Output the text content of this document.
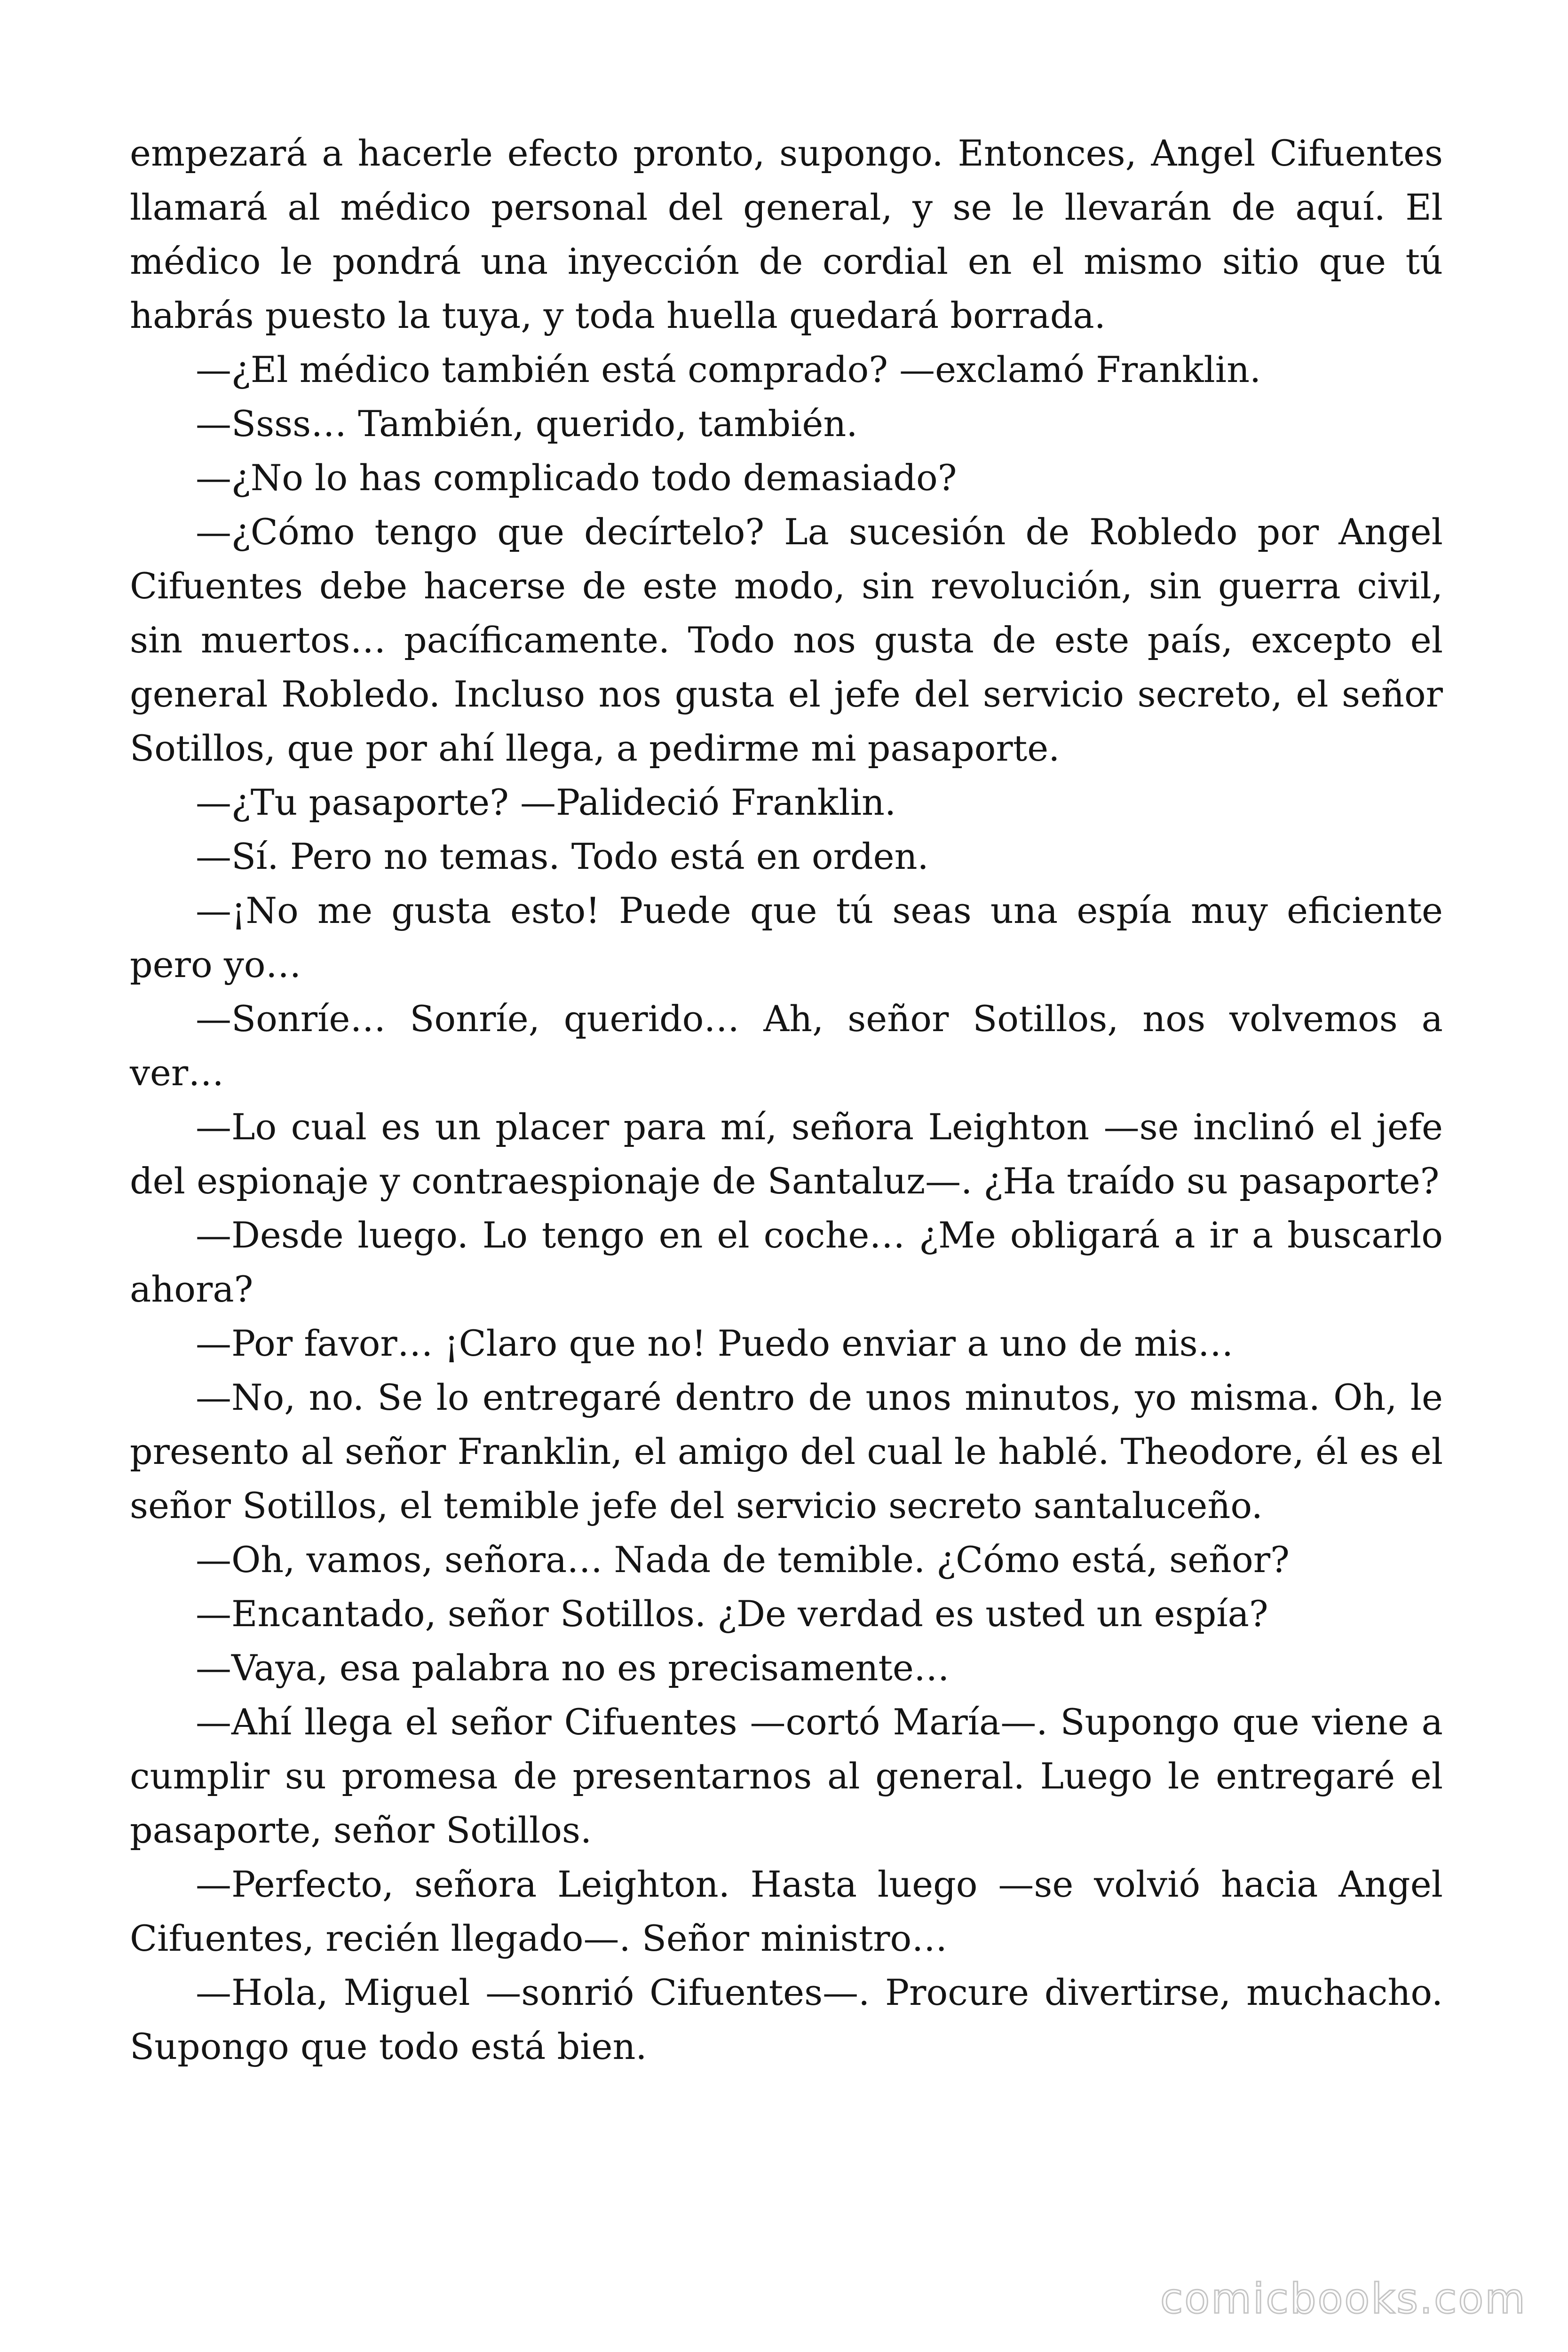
empezará a hacerle efecto pronto, supongo. Entonces, Angel Cifuentes llamará al médico personal del general, y se le llevarán de aquí. El médico le pondrá una inyección de cordial en el mismo sitio que tú habrás puesto la tuya, y toda huella quedará borrada.

—¿El médico también está comprado? —exclamó Franklin.

—Ssss… También, querido, también.

—¿No lo has complicado todo demasiado?

—¿Cómo tengo que decírtelo? La sucesión de Robledo por Angel Cifuentes debe hacerse de este modo, sin revolución, sin guerra civil, sin muertos… pacíficamente. Todo nos gusta de este país, excepto el general Robledo. Incluso nos gusta el jefe del servicio secreto, el señor Sotillos, que por ahí llega, a pedirme mi pasaporte.

—¿Tu pasaporte? —Palideció Franklin.

—Sí. Pero no temas. Todo está en orden.

—¡No me gusta esto! Puede que tú seas una espía muy eficiente pero yo…

—Sonríe… Sonríe, querido… Ah, señor Sotillos, nos volvemos a ver…

—Lo cual es un placer para mí, señora Leighton —se inclinó el jefe del espionaje y contraespionaje de Santaluz—. ¿Ha traído su pasaporte?

—Desde luego. Lo tengo en el coche… ¿Me obligará a ir a buscarlo ahora?

—Por favor… ¡Claro que no! Puedo enviar a uno de mis…

—No, no. Se lo entregaré dentro de unos minutos, yo misma. Oh, le presento al señor Franklin, el amigo del cual le hablé. Theodore, él es el señor Sotillos, el temible jefe del servicio secreto santaluceño.

—Oh, vamos, señora… Nada de temible. ¿Cómo está, señor?

—Encantado, señor Sotillos. ¿De verdad es usted un espía?

—Vaya, esa palabra no es precisamente…

—Ahí llega el señor Cifuentes —cortó María—. Supongo que viene a cumplir su promesa de presentarnos al general. Luego le entregaré el pasaporte, señor Sotillos.

—Perfecto, señora Leighton. Hasta luego —se volvió hacia Angel Cifuentes, recién llegado—. Señor ministro…

—Hola, Miguel —sonrió Cifuentes—. Procure divertirse, muchacho. Supongo que todo está bien.

comicbooks.com
